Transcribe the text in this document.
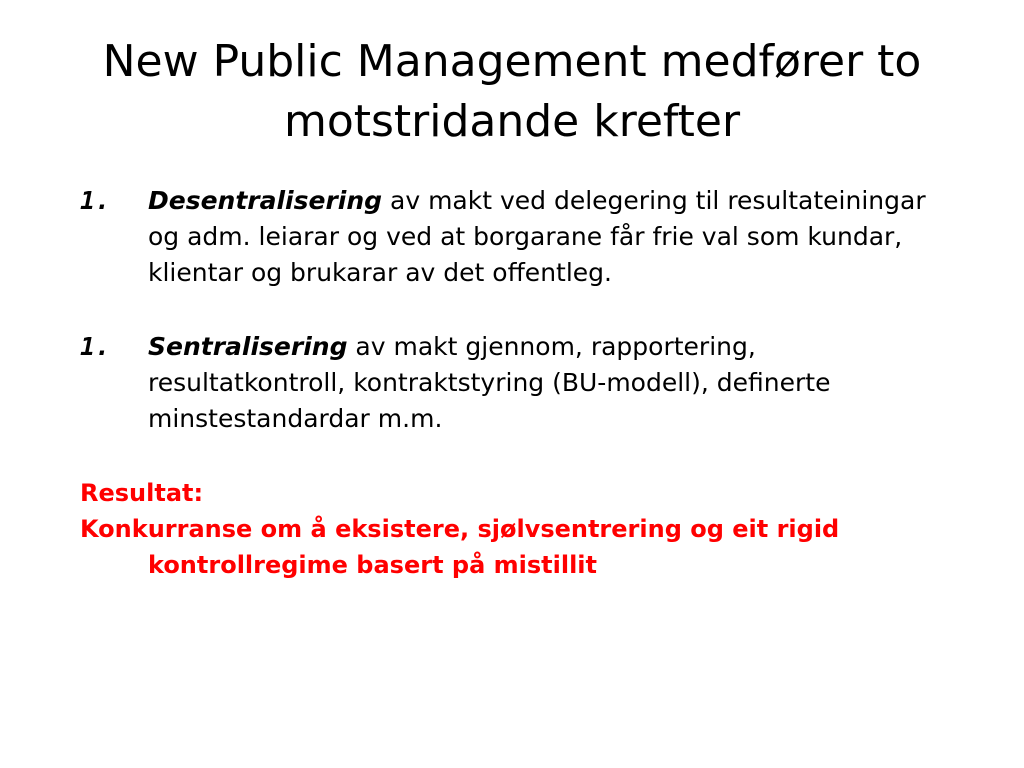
New Public Management medfører to motstridande krefter
1. Desentralisering av makt ved delegering til resultateiningar og adm. leiarar og ved at borgarane får frie val som kundar, klientar og brukarar av det offentleg.
1. Sentralisering av makt gjennom, rapportering, resultatkontroll, kontraktstyring (BU-modell), definerte minstestandardar m.m.
Resultat:
Konkurranse om å eksistere, sjølvsentrering og eit rigid kontrollregime basert på mistillit
